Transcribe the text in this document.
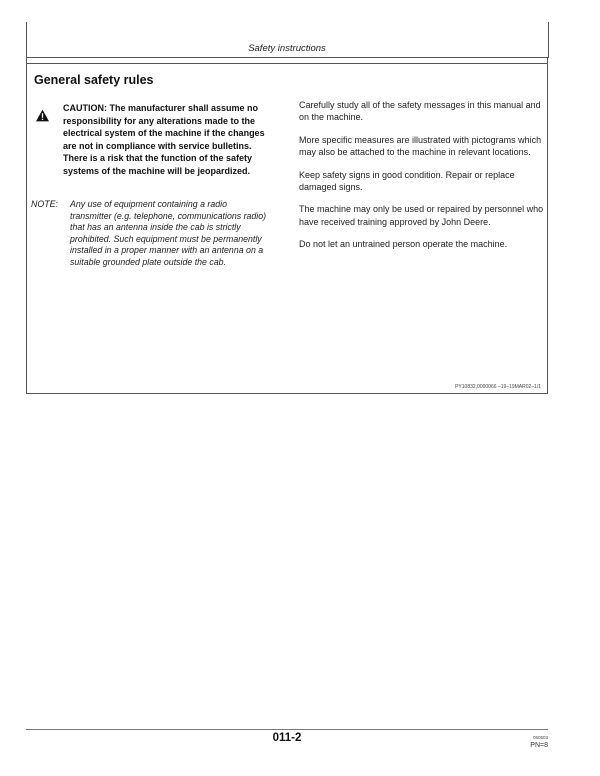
Safety instructions
General safety rules
CAUTION: The manufacturer shall assume no responsibility for any alterations made to the electrical system of the machine if the changes are not in compliance with service bulletins. There is a risk that the function of the safety systems of the machine will be jeopardized.
NOTE: Any use of equipment containing a radio transmitter (e.g. telephone, communications radio) that has an antenna inside the cab is strictly prohibited. Such equipment must be permanently installed in a proper manner with an antenna on a suitable grounded plate outside the cab.

Carefully study all of the safety messages in this manual and on the machine.

More specific measures are illustrated with pictograms which may also be attached to the machine in relevant locations.

Keep safety signs in good condition. Repair or replace damaged signs.

The machine may only be used or repaired by personnel who have received training approved by John Deere.

Do not let an untrained person operate the machine.

PY10832,0000066 –19–19MAR02–1/1
011-2	050503
PN=8
